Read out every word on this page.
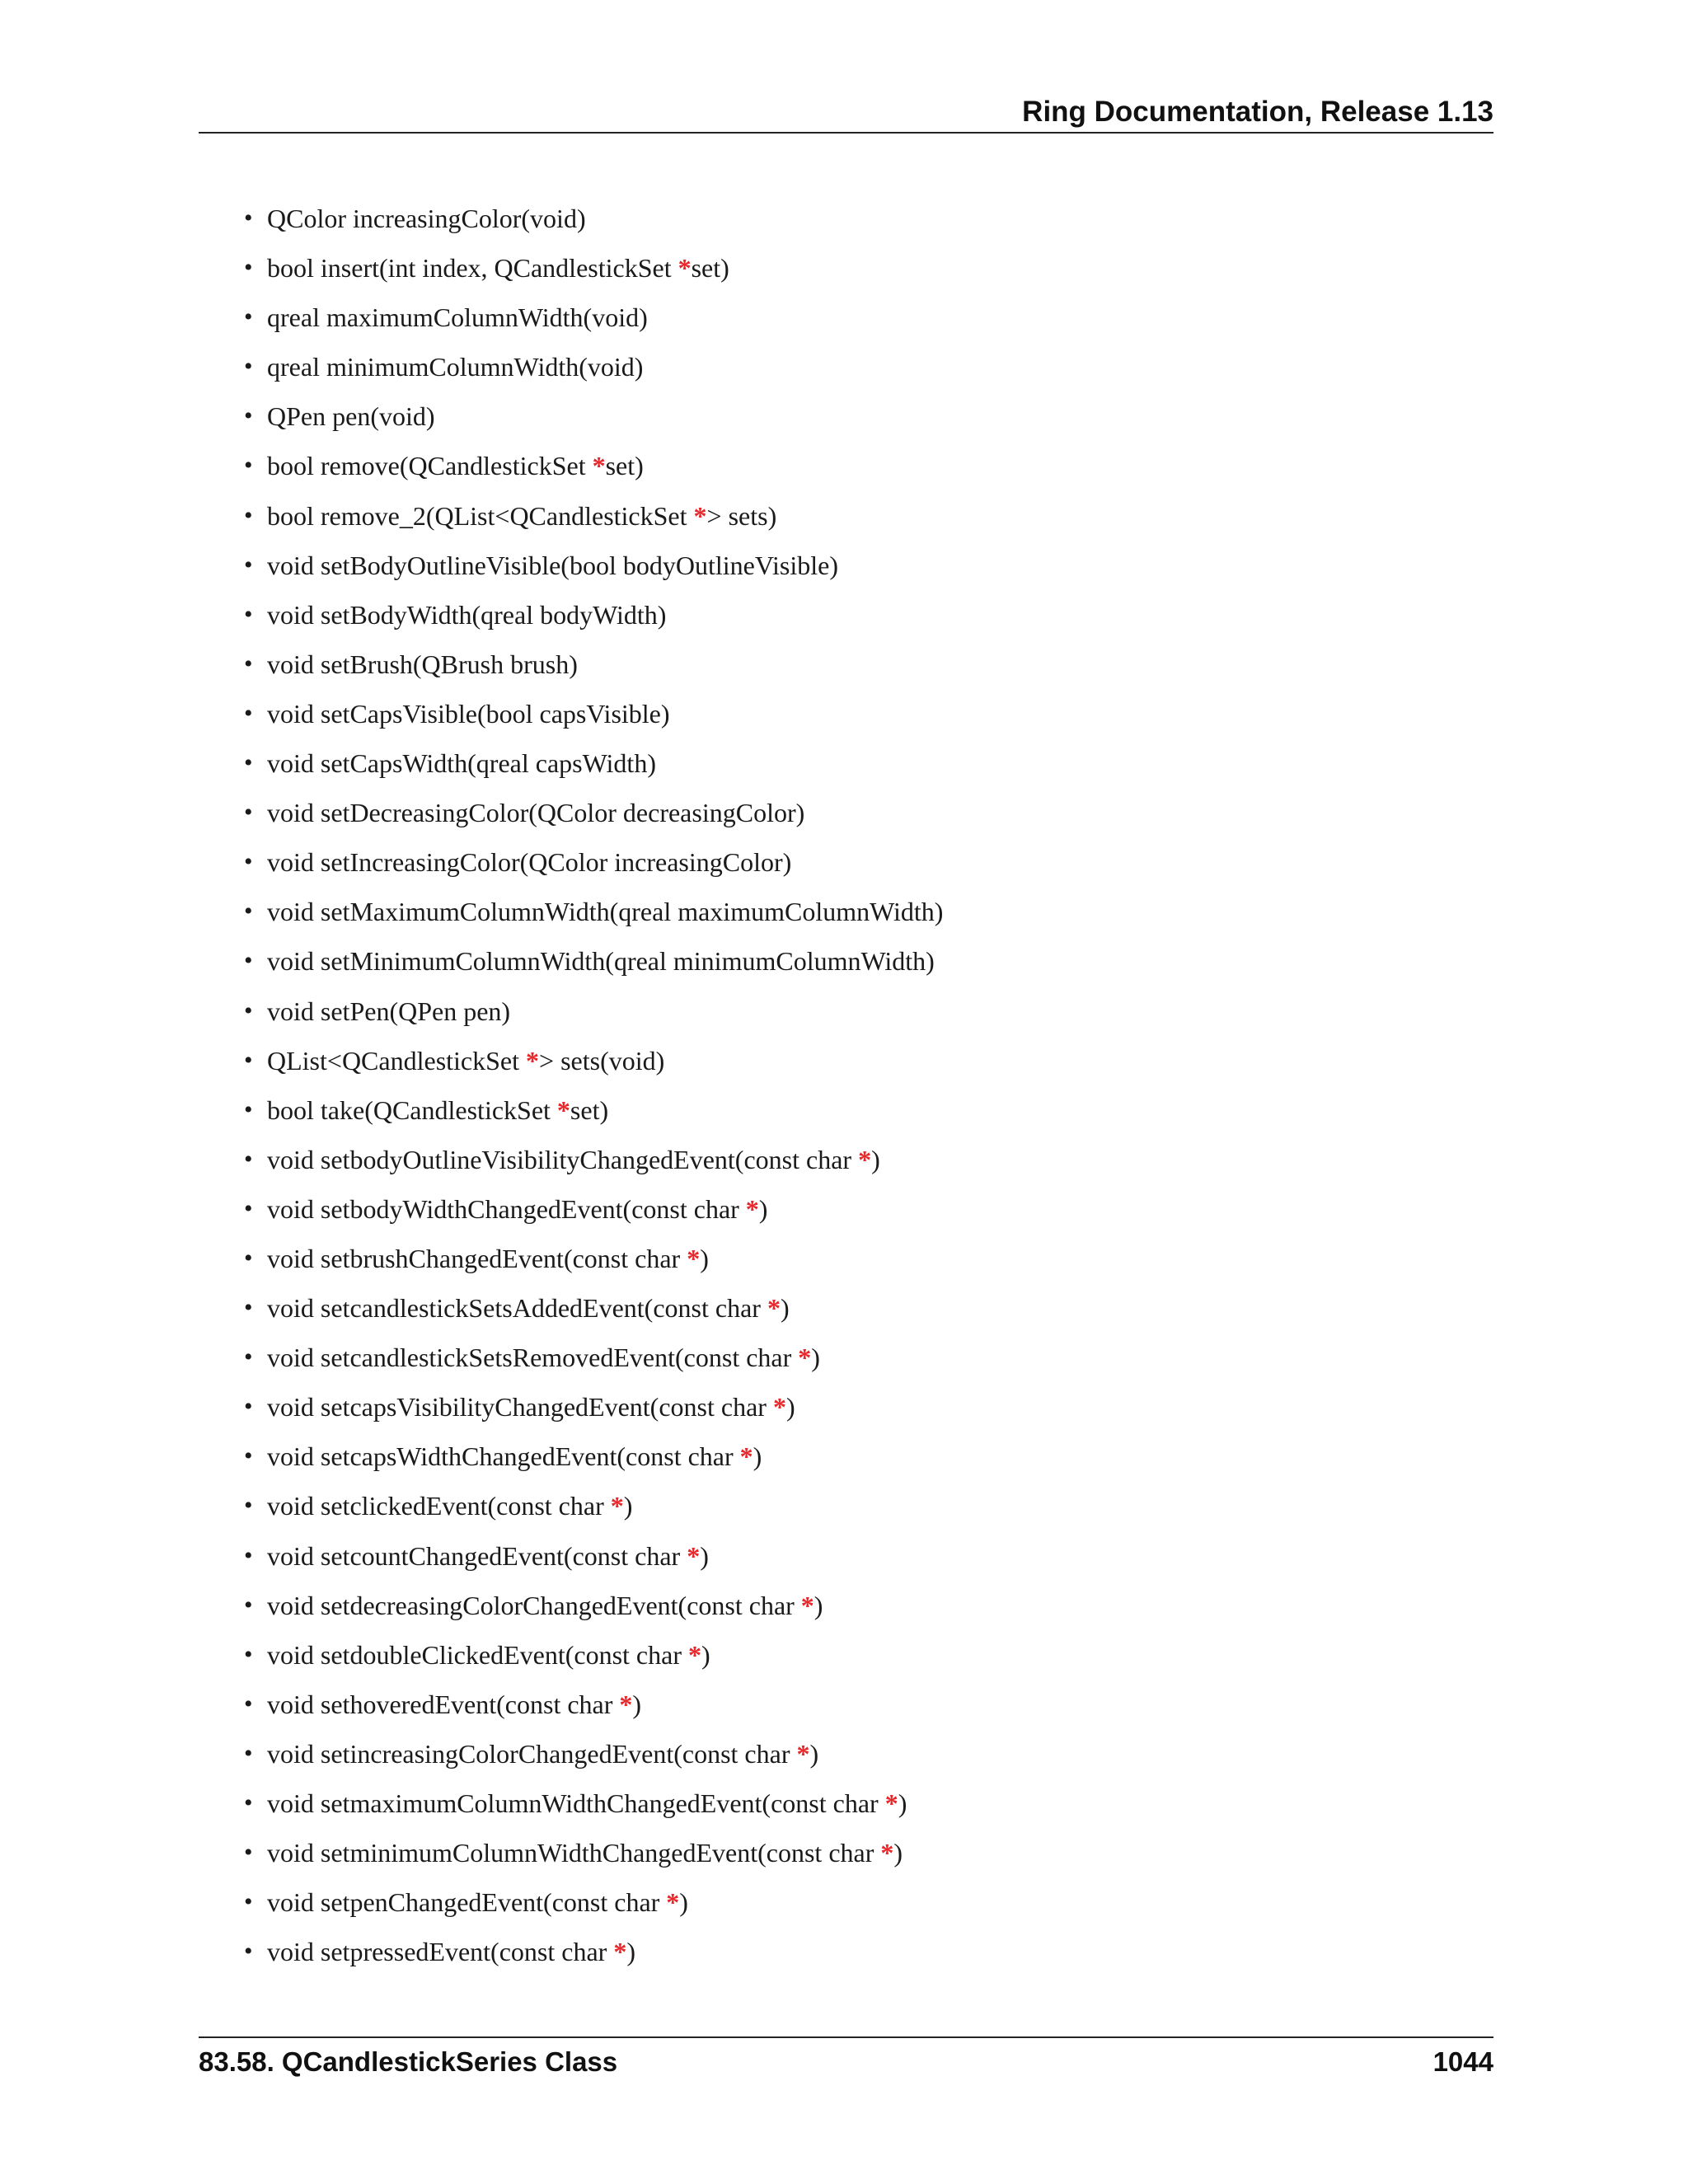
Ring Documentation, Release 1.13
• QColor increasingColor(void)
• bool insert(int index, QCandlestickSet *set)
• qreal maximumColumnWidth(void)
• qreal minimumColumnWidth(void)
• QPen pen(void)
• bool remove(QCandlestickSet *set)
• bool remove_2(QList<QCandlestickSet *> sets)
• void setBodyOutlineVisible(bool bodyOutlineVisible)
• void setBodyWidth(qreal bodyWidth)
• void setBrush(QBrush brush)
• void setCapsVisible(bool capsVisible)
• void setCapsWidth(qreal capsWidth)
• void setDecreasingColor(QColor decreasingColor)
• void setIncreasingColor(QColor increasingColor)
• void setMaximumColumnWidth(qreal maximumColumnWidth)
• void setMinimumColumnWidth(qreal minimumColumnWidth)
• void setPen(QPen pen)
• QList<QCandlestickSet *> sets(void)
• bool take(QCandlestickSet *set)
• void setbodyOutlineVisibilityChangedEvent(const char *)
• void setbodyWidthChangedEvent(const char *)
• void setbrushChangedEvent(const char *)
• void setcandlestickSetsAddedEvent(const char *)
• void setcandlestickSetsRemovedEvent(const char *)
• void setcapsVisibilityChangedEvent(const char *)
• void setcapsWidthChangedEvent(const char *)
• void setclickedEvent(const char *)
• void setcountChangedEvent(const char *)
• void setdecreasingColorChangedEvent(const char *)
• void setdoubleClickedEvent(const char *)
• void sethoveredEvent(const char *)
• void setincreasingColorChangedEvent(const char *)
• void setmaximumColumnWidthChangedEvent(const char *)
• void setminimumColumnWidthChangedEvent(const char *)
• void setpenChangedEvent(const char *)
• void setpressedEvent(const char *)
83.58. QCandlestickSeries Class	1044
